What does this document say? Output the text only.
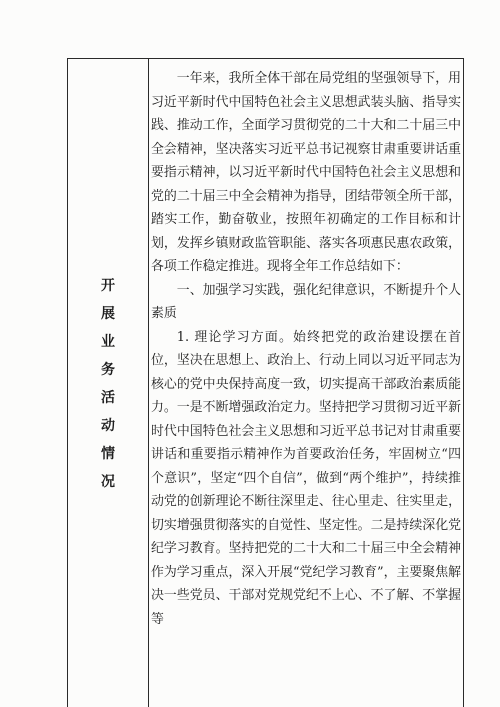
开
展
业
务
活
动
情
况

一年来，我所全体干部在局党组的坚强领导下，用习近平新时代中国特色社会主义思想武装头脑、指导实践、推动工作，全面学习贯彻党的二十大和二十届三中全会精神，坚决落实习近平总书记视察甘肃重要讲话重要指示精神，以习近平新时代中国特色社会主义思想和党的二十届三中全会精神为指导，团结带领全所干部，踏实工作，勤奋敬业，按照年初确定的工作目标和计划，发挥乡镇财政监管职能、落实各项惠民惠农政策，各项工作稳定推进。现将全年工作总结如下：

一、加强学习实践，强化纪律意识，不断提升个人素质

1. 理论学习方面。始终把党的政治建设摆在首位，坚决在思想上、政治上、行动上同以习近平同志为核心的党中央保持高度一致，切实提高干部政治素质能力。一是不断增强政治定力。坚持把学习贯彻习近平新时代中国特色社会主义思想和习近平总书记对甘肃重要讲话和重要指示精神作为首要政治任务，牢固树立“四个意识”，坚定“四个自信”，做到“两个维护”，持续推动党的创新理论不断往深里走、往心里走、往实里走，切实增强贯彻落实的自觉性、坚定性。二是持续深化党纪学习教育。坚持把党的二十大和二十届三中全会精神作为学习重点，深入开展“党纪学习教育”，主要聚焦解决一些党员、干部对党规党纪不上心、不了解、不掌握等
